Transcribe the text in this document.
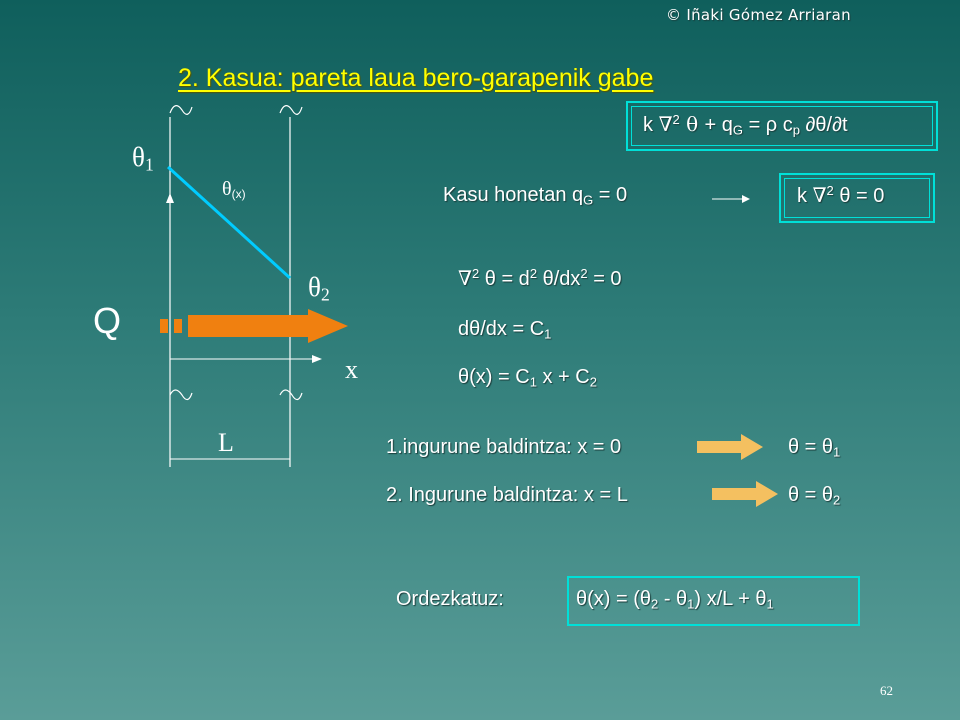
© Iñaki Gómez Arriaran
2. Kasua: pareta laua bero-garapenik gabe
$\theta_1$
$\theta_{(x)}$
$\theta_2$
Q
x
L
k ∇$^2$ $\theta + q_G = \rho$ $c_p$ ∂θ/∂t
Kasu honetan $q_G = 0$	k ∇$^2$ θ = 0
∇$^2$ $\theta = d^2$ $\theta/dx^2 = 0$
$d\theta/dx = C_1$
$\theta(x) = C_1$ $x + C_2$
1.ingurune baldintza: x = 0	$\theta = \theta_1$
2. Ingurune baldintza: x = L	$\theta = \theta_2$
Ordezkatuz:	$\theta(x) = (\theta_2 - \theta_1) x/L + \theta_1$
62
